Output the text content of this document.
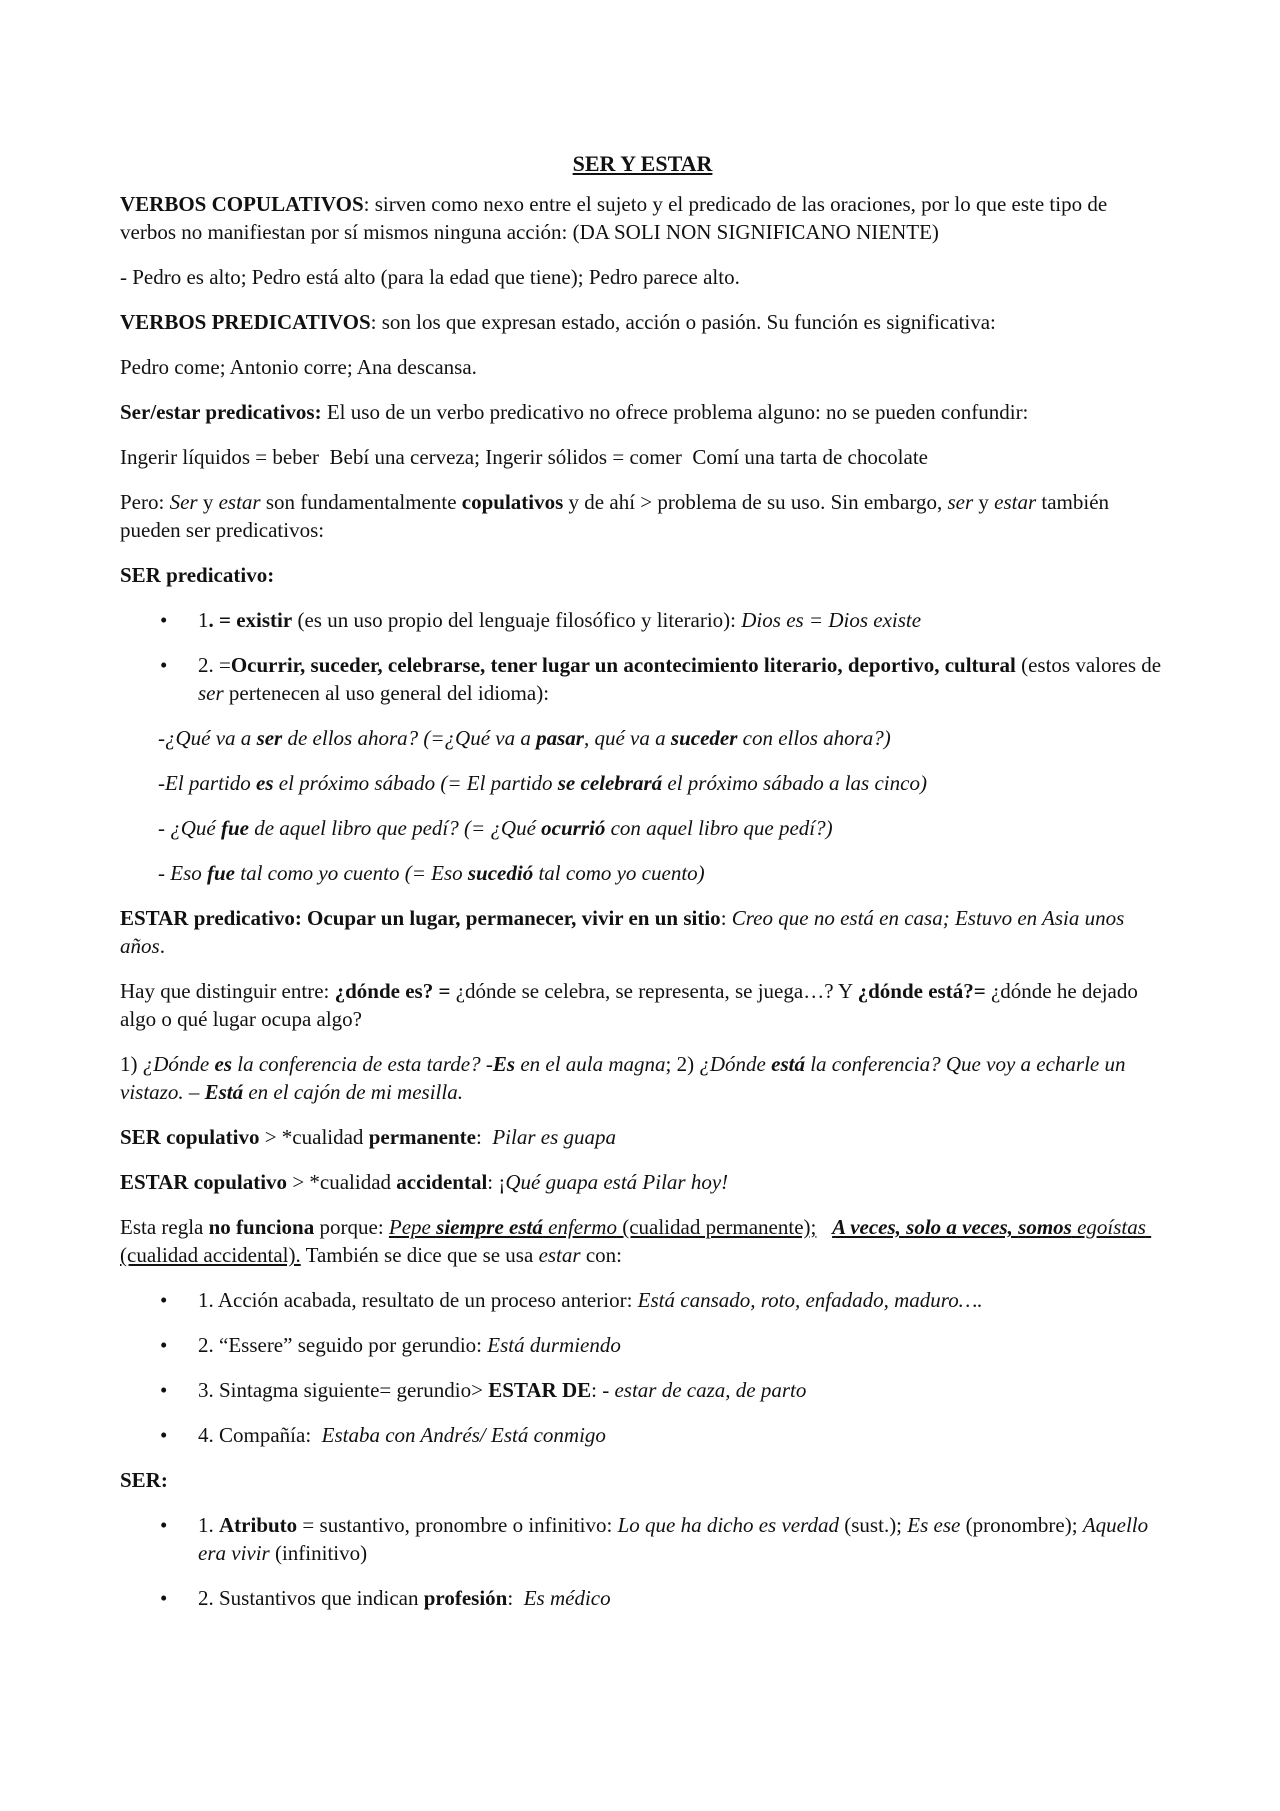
SER Y ESTAR

VERBOS COPULATIVOS: sirven como nexo entre el sujeto y el predicado de las oraciones, por lo que este tipo de verbos no manifiestan por sí mismos ninguna acción: (DA SOLI NON SIGNIFICANO NIENTE)

- Pedro es alto; Pedro está alto (para la edad que tiene); Pedro parece alto.

VERBOS PREDICATIVOS: son los que expresan estado, acción o pasión. Su función es significativa:

Pedro come; Antonio corre; Ana descansa.

Ser/estar predicativos: El uso de un verbo predicativo no ofrece problema alguno: no se pueden confundir:

Ingerir líquidos = beber  Bebí una cerveza; Ingerir sólidos = comer  Comí una tarta de chocolate

Pero: Ser y estar son fundamentalmente copulativos y de ahí > problema de su uso. Sin embargo, ser y estar también pueden ser predicativos:

SER predicativo:

• 1. = existir (es un uso propio del lenguaje filosófico y literario): Dios es = Dios existe
• 2. =Ocurrir, suceder, celebrarse, tener lugar un acontecimiento literario, deportivo, cultural (estos valores de ser pertenecen al uso general del idioma):

-¿Qué va a ser de ellos ahora? (=¿Qué va a pasar, qué va a suceder con ellos ahora?)

-El partido es el próximo sábado (= El partido se celebrará el próximo sábado a las cinco)

- ¿Qué fue de aquel libro que pedí? (= ¿Qué ocurrió con aquel libro que pedí?)

- Eso fue tal como yo cuento (= Eso sucedió tal como yo cuento)

ESTAR predicativo: Ocupar un lugar, permanecer, vivir en un sitio: Creo que no está en casa; Estuvo en Asia unos años.

Hay que distinguir entre: ¿dónde es? = ¿dónde se celebra, se representa, se juega…? Y ¿dónde está?= ¿dónde he dejado algo o qué lugar ocupa algo?

1) ¿Dónde es la conferencia de esta tarde? -Es en el aula magna; 2) ¿Dónde está la conferencia? Que voy a echarle un vistazo. – Está en el cajón de mi mesilla.

SER copulativo > *cualidad permanente:  Pilar es guapa

ESTAR copulativo > *cualidad accidental: ¡Qué guapa está Pilar hoy!

Esta regla no funciona porque: Pepe siempre está enfermo (cualidad permanente); A veces, solo a veces, somos egoístas (cualidad accidental). También se dice que se usa estar con:

• 1. Acción acabada, resultato de un proceso anterior: Está cansado, roto, enfadado, maduro….
• 2. “Essere” seguido por gerundio: Está durmiendo
• 3. Sintagma siguiente= gerundio> ESTAR DE: - estar de caza, de parto
• 4. Compañía:  Estaba con Andrés/ Está conmigo

SER:

• 1. Atributo = sustantivo, pronombre o infinitivo: Lo que ha dicho es verdad (sust.); Es ese (pronombre); Aquello era vivir (infinitivo)
• 2. Sustantivos que indican profesión:  Es médico
